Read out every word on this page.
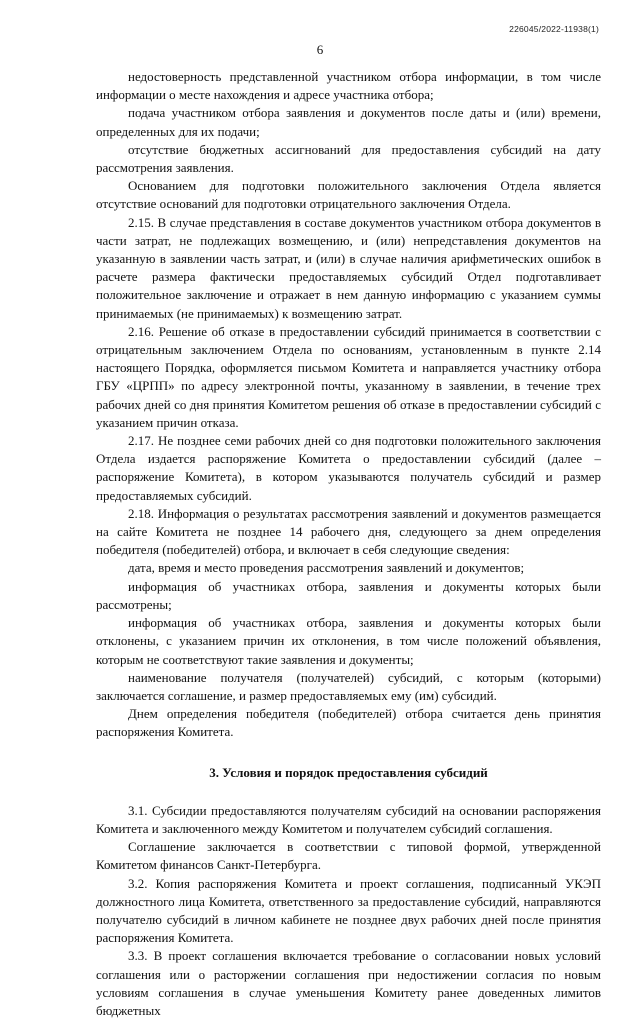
226045/2022-11938(1)
6

недостоверность представленной участником отбора информации, в том числе информации о месте нахождения и адресе участника отбора;

подача участником отбора заявления и документов после даты и (или) времени, определенных для их подачи;

отсутствие бюджетных ассигнований для предоставления субсидий на дату рассмотрения заявления.

Основанием для подготовки положительного заключения Отдела является отсутствие оснований для подготовки отрицательного заключения Отдела.

2.15. В случае представления в составе документов участником отбора документов в части затрат, не подлежащих возмещению, и (или) непредставления документов на указанную в заявлении часть затрат, и (или) в случае наличия арифметических ошибок в расчете размера фактически предоставляемых субсидий Отдел подготавливает положительное заключение и отражает в нем данную информацию с указанием суммы принимаемых (не принимаемых) к возмещению затрат.

2.16. Решение об отказе в предоставлении субсидий принимается в соответствии с отрицательным заключением Отдела по основаниям, установленным в пункте 2.14 настоящего Порядка, оформляется письмом Комитета и направляется участнику отбора ГБУ «ЦРПП» по адресу электронной почты, указанному в заявлении, в течение трех рабочих дней со дня принятия Комитетом решения об отказе в предоставлении субсидий с указанием причин отказа.

2.17. Не позднее семи рабочих дней со дня подготовки положительного заключения Отдела издается распоряжение Комитета о предоставлении субсидий (далее – распоряжение Комитета), в котором указываются получатель субсидий и размер предоставляемых субсидий.

2.18. Информация о результатах рассмотрения заявлений и документов размещается на сайте Комитета не позднее 14 рабочего дня, следующего за днем определения победителя (победителей) отбора, и включает в себя следующие сведения:

дата, время и место проведения рассмотрения заявлений и документов;

информация об участниках отбора, заявления и документы которых были рассмотрены;

информация об участниках отбора, заявления и документы которых были отклонены, с указанием причин их отклонения, в том числе положений объявления, которым не соответствуют такие заявления и документы;

наименование получателя (получателей) субсидий, с которым (которыми) заключается соглашение, и размер предоставляемых ему (им) субсидий.

Днем определения победителя (победителей) отбора считается день принятия распоряжения Комитета.

3. Условия и порядок предоставления субсидий

3.1. Субсидии предоставляются получателям субсидий на основании распоряжения Комитета и заключенного между Комитетом и получателем субсидий соглашения.

Соглашение заключается в соответствии с типовой формой, утвержденной Комитетом финансов Санкт-Петербурга.

3.2. Копия распоряжения Комитета и проект соглашения, подписанный УКЭП должностного лица Комитета, ответственного за предоставление субсидий, направляются получателю субсидий в личном кабинете не позднее двух рабочих дней после принятия распоряжения Комитета.

3.3. В проект соглашения включается требование о согласовании новых условий соглашения или о расторжении соглашения при недостижении согласия по новым условиям соглашения в случае уменьшения Комитету ранее доведенных лимитов бюджетных
